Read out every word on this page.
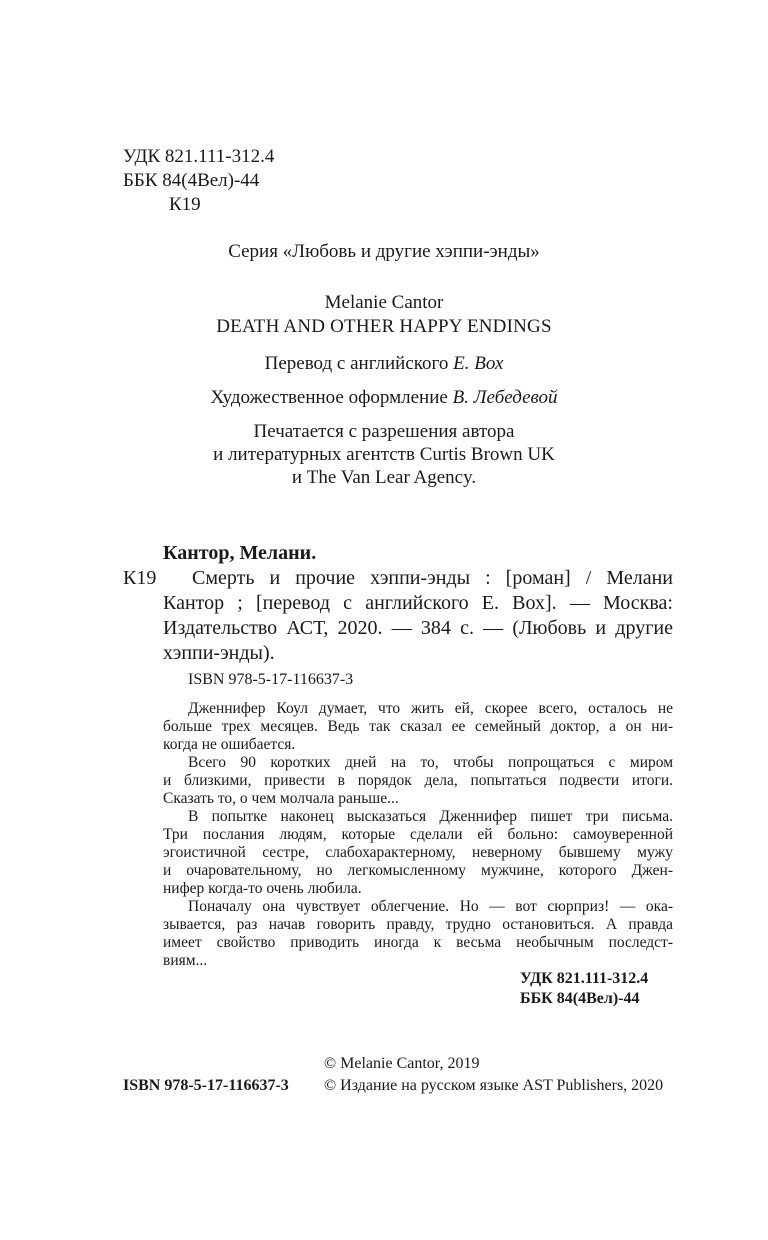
УДК 821.111-312.4
ББК 84(4Вел)-44
К19
Серия «Любовь и другие хэппи-энды»
Melanie Cantor
DEATH AND OTHER HAPPY ENDINGS
Перевод с английского Е. Вох
Художественное оформление В. Лебедевой
Печатается с разрешения автора
и литературных агентств Curtis Brown UK
и The Van Lear Agency.
Кантор, Мелани.
К19 Смерть и прочие хэппи-энды : [роман] / Мелани
Кантор ; [перевод с английского Е. Вох]. — Москва:
Издательство АСТ, 2020. — 384 с. — (Любовь и другие
хэппи-энды).
ISBN 978-5-17-116637-3
Дженнифер Коул думает, что жить ей, скорее всего, осталось не
больше трех месяцев. Ведь так сказал ее семейный доктор, а он ни-
когда не ошибается.
Всего 90 коротких дней на то, чтобы попрощаться с миром
и близкими, привести в порядок дела, попытаться подвести итоги.
Сказать то, о чем молчала раньше...
В попытке наконец высказаться Дженнифер пишет три письма.
Три послания людям, которые сделали ей больно: самоуверенной
эгоистичной сестре, слабохарактерному, неверному бывшему мужу
и очаровательному, но легкомысленному мужчине, которого Джен-
нифер когда-то очень любила.
Поначалу она чувствует облегчение. Но — вот сюрприз! — ока-
зывается, раз начав говорить правду, трудно остановиться. А правда
имеет свойство приводить иногда к весьма необычным последст-
виям...
УДК 821.111-312.4
ББК 84(4Вел)-44
© Melanie Cantor, 2019
ISBN 978-5-17-116637-3 © Издание на русском языке AST Publishers, 2020
